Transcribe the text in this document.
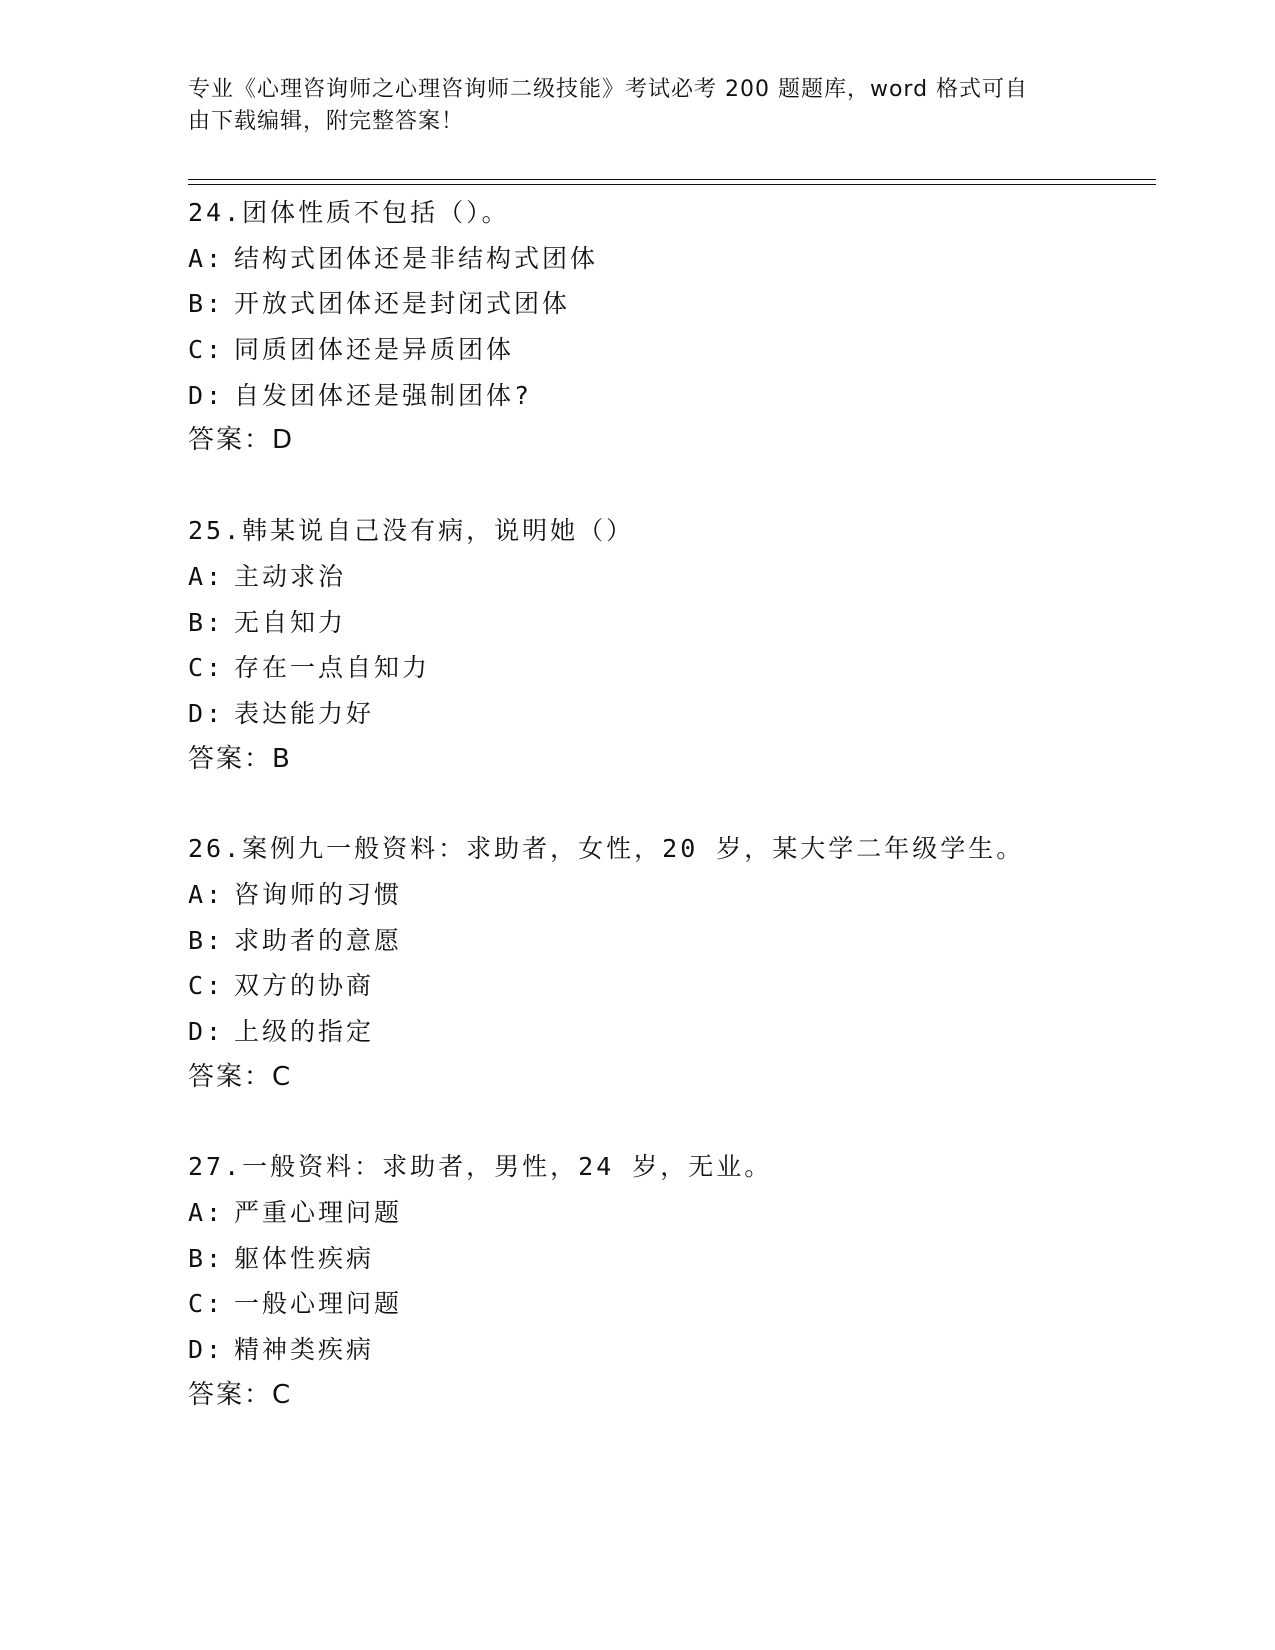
专业《心理咨询师之心理咨询师二级技能》考试必考 200 题题库，word 格式可自
由下载编辑，附完整答案！
24.团体性质不包括（）。
A: 结构式团体还是非结构式团体
B: 开放式团体还是封闭式团体
C: 同质团体还是异质团体
D: 自发团体还是强制团体?
答案：D
25.韩某说自己没有病，说明她（）
A: 主动求治
B: 无自知力
C: 存在一点自知力
D: 表达能力好
答案：B
26.案例九一般资料：求助者，女性，20 岁，某大学二年级学生。
A: 咨询师的习惯
B: 求助者的意愿
C: 双方的协商
D: 上级的指定
答案：C
27.一般资料：求助者，男性，24 岁，无业。
A: 严重心理问题
B: 躯体性疾病
C: 一般心理问题
D: 精神类疾病
答案：C
